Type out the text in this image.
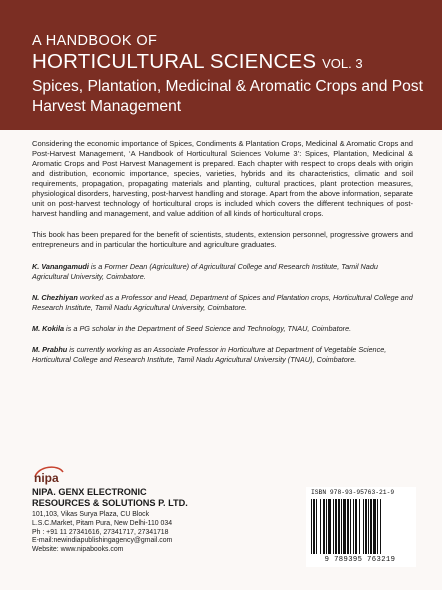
A HANDBOOK OF
HORTICULTURAL SCIENCES VOL. 3
Spices, Plantation, Medicinal & Aromatic Crops and Post Harvest Management

Considering the economic importance of Spices, Condiments & Plantation Crops, Medicinal & Aromatic Crops and Post-Harvest Management, ‘A Handbook of Horticultural Sciences Volume 3’: Spices, Plantation, Medicinal & Aromatic Crops and Post Harvest Management is prepared. Each chapter with respect to crops deals with origin and distribution, economic importance, species, varieties, hybrids and its characteristics, climatic and soil requirements, propagation, propagating materials and planting, cultural practices, plant protection measures, physiological disorders, harvesting, post-harvest handling and storage. Apart from the above information, separate unit on post-harvest technology of horticultural crops is included which covers the different techniques of post-harvest handling and management, and value addition of all kinds of horticultural crops.

This book has been prepared for the benefit of scientists, students, extension personnel, progressive growers and entrepreneurs and in particular the horticulture and agriculture graduates.

K. Vanangamudi is a Former Dean (Agriculture) of Agricultural College and Research Institute, Tamil Nadu Agricultural University, Coimbatore.

N. Chezhiyan worked as a Professor and Head, Department of Spices and Plantation crops, Horticultural College and Research Institute, Tamil Nadu Agricultural University, Coimbatore.

M. Kokila is a PG scholar in the Department of Seed Science and Technology, TNAU, Coimbatore.

M. Prabhu is currently working as an Associate Professor in Horticulture at Department of Vegetable Science, Horticultural College and Research Institute, Tamil Nadu Agricultural University (TNAU), Coimbatore.

nipa
NIPA. GENX ELECTRONIC
RESOURCES & SOLUTIONS P. LTD.
101,103, Vikas Surya Plaza, CU Block
L.S.C.Market, Pitam Pura, New Delhi-110 034
Ph : +91 11 27341616, 27341717, 27341718
E-mail:newindiapublishingagency@gmail.com
Website: www.nipabooks.com
ISBN 978-93-95763-21-9
9 789395 763219
